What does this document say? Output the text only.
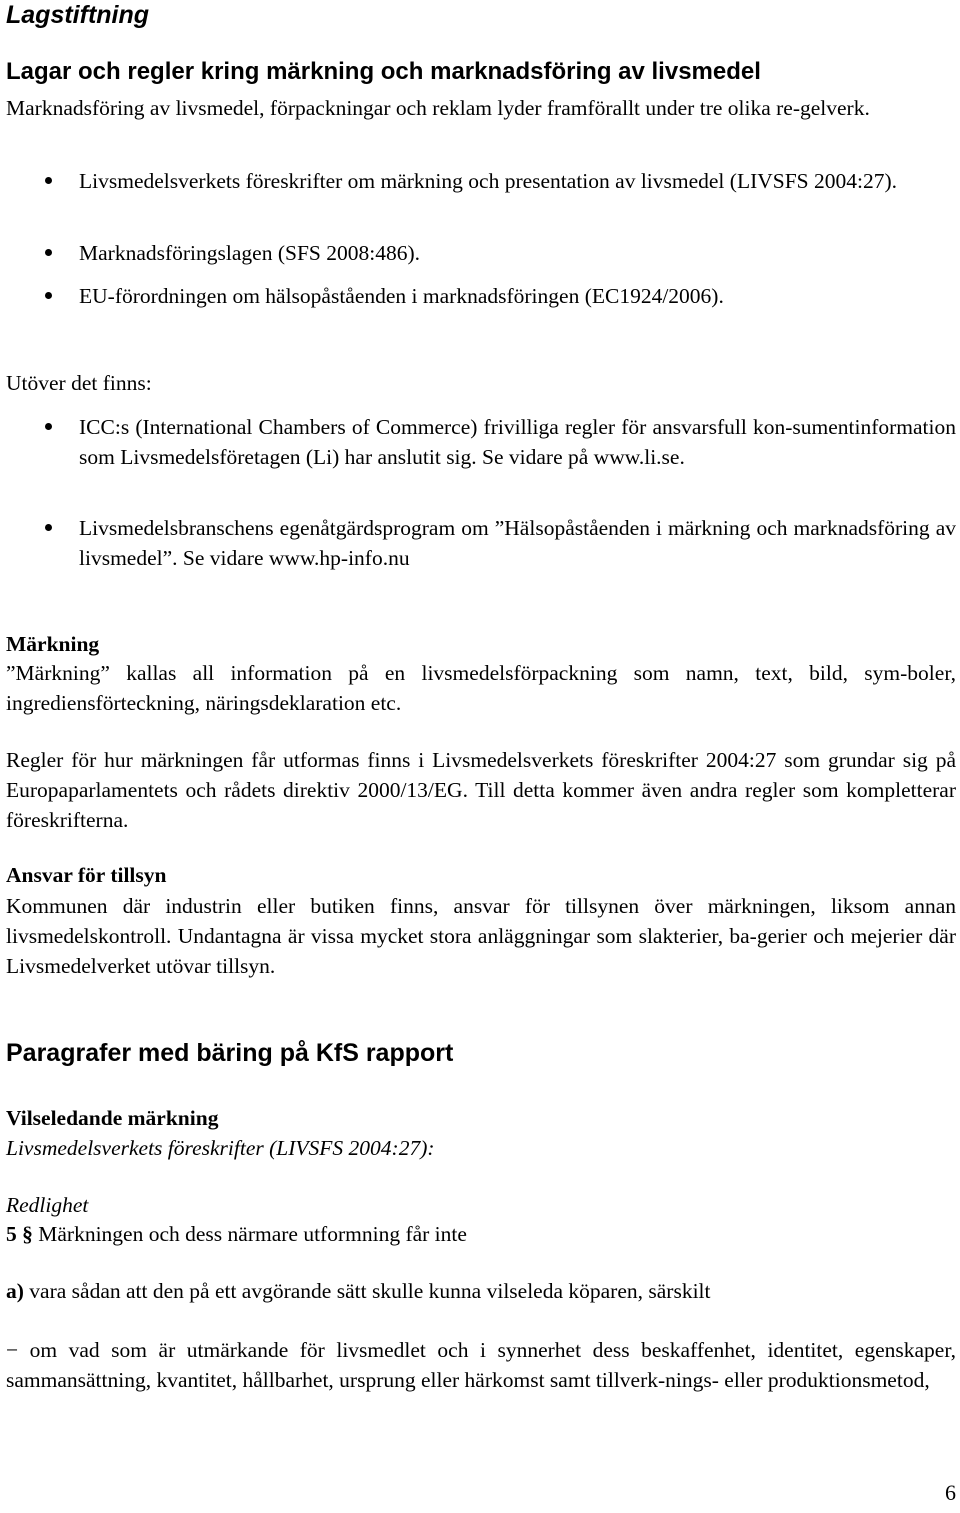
Lagstiftning
Lagar och regler kring märkning och marknadsföring av livsmedel
Marknadsföring av livsmedel, förpackningar och reklam lyder framförallt under tre olika re-gelverk.
Livsmedelsverkets föreskrifter om märkning och presentation av livsmedel (LIVSFS 2004:27).
Marknadsföringslagen (SFS 2008:486).
EU-förordningen om hälsopåståenden i marknadsföringen (EC1924/2006).
Utöver det finns:
ICC:s (International Chambers of Commerce) frivilliga regler för ansvarsfull kon-sumentinformation som Livsmedelsföretagen (Li) har anslutit sig. Se vidare på www.li.se.
Livsmedelsbranschens egenåtgärdsprogram om ”Hälsopåståenden i märkning och marknadsföring av livsmedel”. Se vidare www.hp-info.nu
Märkning
”Märkning” kallas all information på en livsmedelsförpackning som namn, text, bild, sym-boler, ingrediensförteckning, näringsdeklaration etc.
Regler för hur märkningen får utformas finns i Livsmedelsverkets föreskrifter 2004:27 som grundar sig på Europaparlamentets och rådets direktiv 2000/13/EG. Till detta kommer även andra regler som kompletterar föreskrifterna.
Ansvar för tillsyn
Kommunen där industrin eller butiken finns, ansvar för tillsynen över märkningen, liksom annan livsmedelskontroll. Undantagna är vissa mycket stora anläggningar som slakterier, ba-gerier och mejerier där Livsmedelverket utövar tillsyn.
Paragrafer med bäring på KfS rapport
Vilseledande märkning
Livsmedelsverkets föreskrifter (LIVSFS 2004:27):
Redlighet
5 § Märkningen och dess närmare utformning får inte
a) vara sådan att den på ett avgörande sätt skulle kunna vilseleda köparen, särskilt
− om vad som är utmärkande för livsmedlet och i synnerhet dess beskaffenhet, identitet, egenskaper, sammansättning, kvantitet, hållbarhet, ursprung eller härkomst samt tillverk-nings- eller produktionsmetod,
6
